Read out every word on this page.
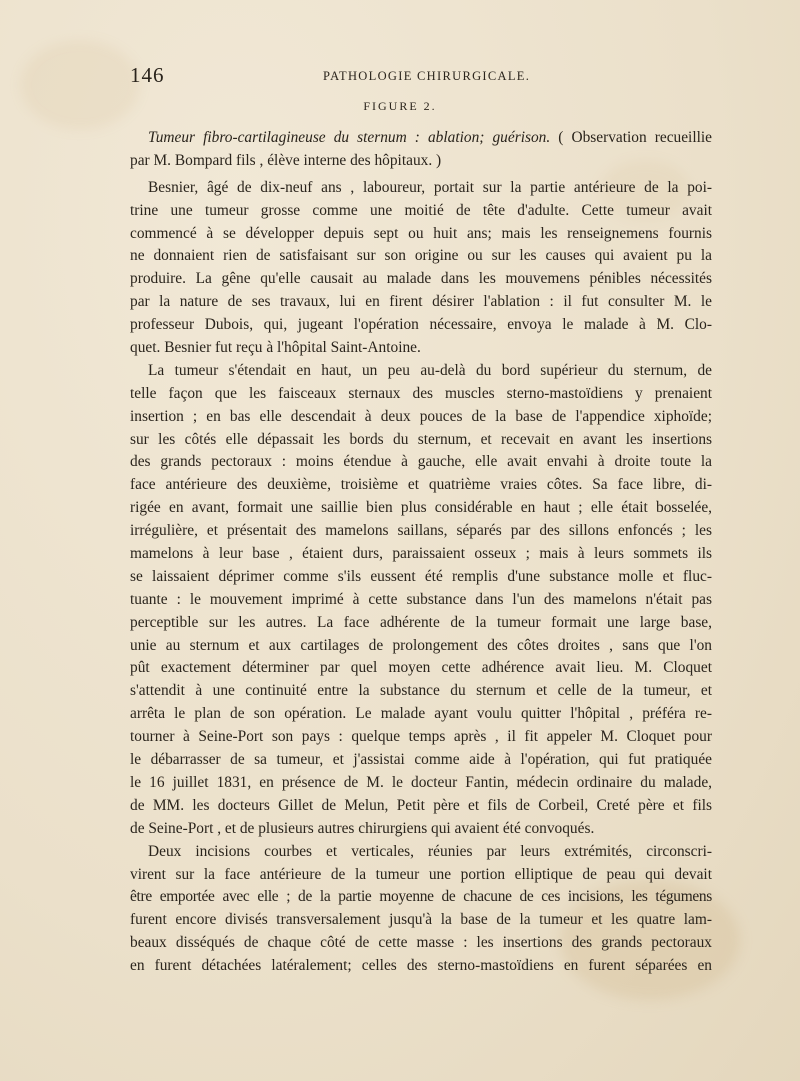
146	PATHOLOGIE CHIRURGICALE.
FIGURE 2.
Tumeur fibro-cartilagineuse du sternum : ablation; guérison. ( Observation recueillie
par M. Bompard fils , élève interne des hôpitaux. )
Besnier, âgé de dix-neuf ans , laboureur, portait sur la partie antérieure de la poi-
trine une tumeur grosse comme une moitié de tête d'adulte. Cette tumeur avait
commencé à se développer depuis sept ou huit ans; mais les renseignemens fournis
ne donnaient rien de satisfaisant sur son origine ou sur les causes qui avaient pu la
produire. La gêne qu'elle causait au malade dans les mouvemens pénibles nécessités
par la nature de ses travaux, lui en firent désirer l'ablation : il fut consulter M. le
professeur Dubois, qui, jugeant l'opération nécessaire, envoya le malade à M. Clo-
quet. Besnier fut reçu à l'hôpital Saint-Antoine.
La tumeur s'étendait en haut, un peu au-delà du bord supérieur du sternum, de
telle façon que les faisceaux sternaux des muscles sterno-mastoïdiens y prenaient
insertion ; en bas elle descendait à deux pouces de la base de l'appendice xiphoïde;
sur les côtés elle dépassait les bords du sternum, et recevait en avant les insertions
des grands pectoraux : moins étendue à gauche, elle avait envahi à droite toute la
face antérieure des deuxième, troisième et quatrième vraies côtes. Sa face libre, di-
rigée en avant, formait une saillie bien plus considérable en haut ; elle était bosselée,
irrégulière, et présentait des mamelons saillans, séparés par des sillons enfoncés ; les
mamelons à leur base , étaient durs, paraissaient osseux ; mais à leurs sommets ils
se laissaient déprimer comme s'ils eussent été remplis d'une substance molle et fluc-
tuante : le mouvement imprimé à cette substance dans l'un des mamelons n'était pas
perceptible sur les autres. La face adhérente de la tumeur formait une large base,
unie au sternum et aux cartilages de prolongement des côtes droites , sans que l'on
pût exactement déterminer par quel moyen cette adhérence avait lieu. M. Cloquet
s'attendit à une continuité entre la substance du sternum et celle de la tumeur, et
arrêta le plan de son opération. Le malade ayant voulu quitter l'hôpital , préféra re-
tourner à Seine-Port son pays : quelque temps après , il fit appeler M. Cloquet pour
le débarrasser de sa tumeur, et j'assistai comme aide à l'opération, qui fut pratiquée
le 16 juillet 1831, en présence de M. le docteur Fantin, médecin ordinaire du malade,
de MM. les docteurs Gillet de Melun, Petit père et fils de Corbeil, Creté père et fils
de Seine-Port , et de plusieurs autres chirurgiens qui avaient été convoqués.
Deux incisions courbes et verticales, réunies par leurs extrémités, circonscri-
virent sur la face antérieure de la tumeur une portion elliptique de peau qui devait
être emportée avec elle ; de la partie moyenne de chacune de ces incisions, les tégumens
furent encore divisés transversalement jusqu'à la base de la tumeur et les quatre lam-
beaux disséqués de chaque côté de cette masse : les insertions des grands pectoraux
en furent détachées latéralement; celles des sterno-mastoïdiens en furent séparées en
